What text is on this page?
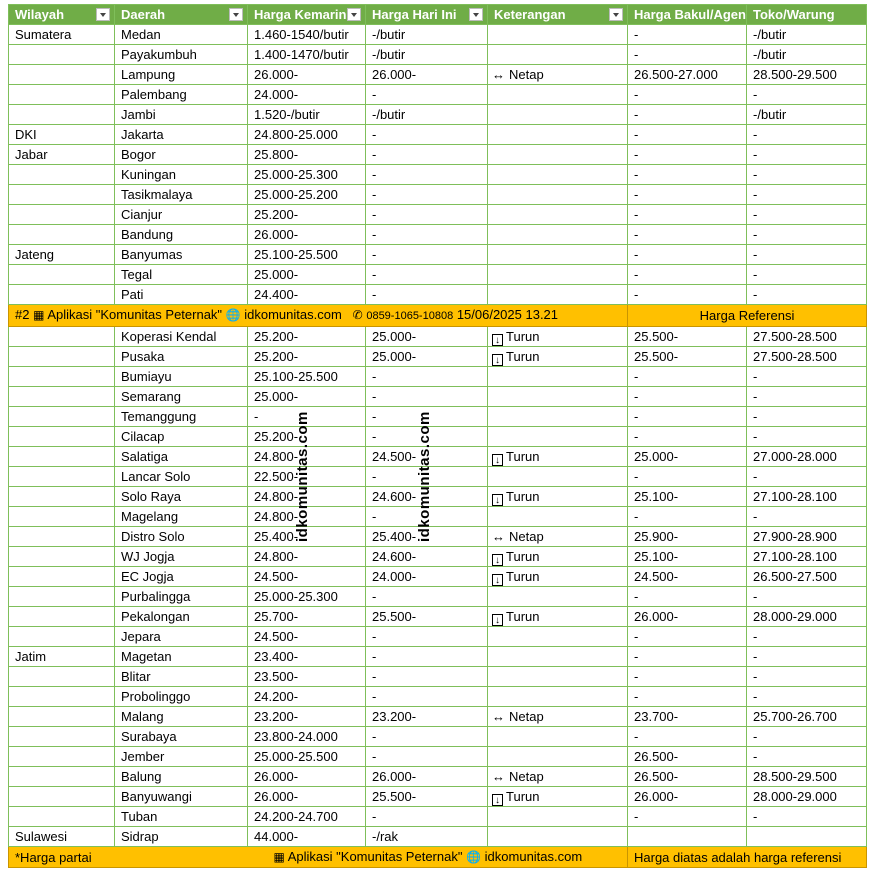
Wilayah	Daerah	Harga Kemarin	Harga Hari Ini	Keterangan	Harga Bakul/Agen	Toko/Warung
Sumatera	Medan	1.460-1540/butir	-/butir		-	-/butir
	Payakumbuh	1.400-1470/butir	-/butir		-	-/butir
	Lampung	26.000-	26.000-	↔ Netap	26.500-27.000	28.500-29.500
	Palembang	24.000-	-		-	-
	Jambi	1.520-/butir	-/butir		-	-/butir
DKI	Jakarta	24.800-25.000	-		-	-
Jabar	Bogor	25.800-	-		-	-
	Kuningan	25.000-25.300	-		-	-
	Tasikmalaya	25.000-25.200	-		-	-
	Cianjur	25.200-	-		-	-
	Bandung	26.000-	-		-	-
Jateng	Banyumas	25.100-25.500	-		-	-
	Tegal	25.000-	-		-	-
	Pati	24.400-	-		-	-
#2 ▦ Aplikasi "Komunitas Peternak" 🌐 idkomunitas.com ✆ 0859-1065-10808 15/06/2025 13.21					Harga Referensi	
	Koperasi Kendal	25.200-	25.000-	↓ Turun	25.500-	27.500-28.500
	Pusaka	25.200-	25.000-	↓ Turun	25.500-	27.500-28.500
	Bumiayu	25.100-25.500	-		-	-
	Semarang	25.000-	-		-	-
	Temanggung	-	-		-	-
	Cilacap	25.200-	-		-	-
	Salatiga	24.800-	24.500-	↓ Turun	25.000-	27.000-28.000
	Lancar Solo	22.500-	-		-	-
	Solo Raya	24.800-	24.600-	↓ Turun	25.100-	27.100-28.100
	Magelang	24.800-	-		-	-
	Distro Solo	25.400-	25.400-	↔ Netap	25.900-	27.900-28.900
	WJ Jogja	24.800-	24.600-	↓ Turun	25.100-	27.100-28.100
	EC Jogja	24.500-	24.000-	↓ Turun	24.500-	26.500-27.500
	Purbalingga	25.000-25.300	-		-	-
	Pekalongan	25.700-	25.500-	↓ Turun	26.000-	28.000-29.000
	Jepara	24.500-	-		-	-
Jatim	Magetan	23.400-	-		-	-
	Blitar	23.500-	-		-	-
	Probolinggo	24.200-	-		-	-
	Malang	23.200-	23.200-	↔ Netap	23.700-	25.700-26.700
	Surabaya	23.800-24.000	-		-	-
	Jember	25.000-25.500	-		26.500-	-
	Balung	26.000-	26.000-	↔ Netap	26.500-	28.500-29.500
	Banyuwangi	26.000-	25.500-	↓ Turun	26.000-	28.000-29.000
	Tuban	24.200-24.700	-		-	-
Sulawesi	Sidrap	44.000-	-/rak			
*Harga partai		▦ Aplikasi "Komunitas Peternak" 🌐 idkomunitas.com			Harga diatas adalah harga referensi	
idkomunitas.com	idkomunitas.com
